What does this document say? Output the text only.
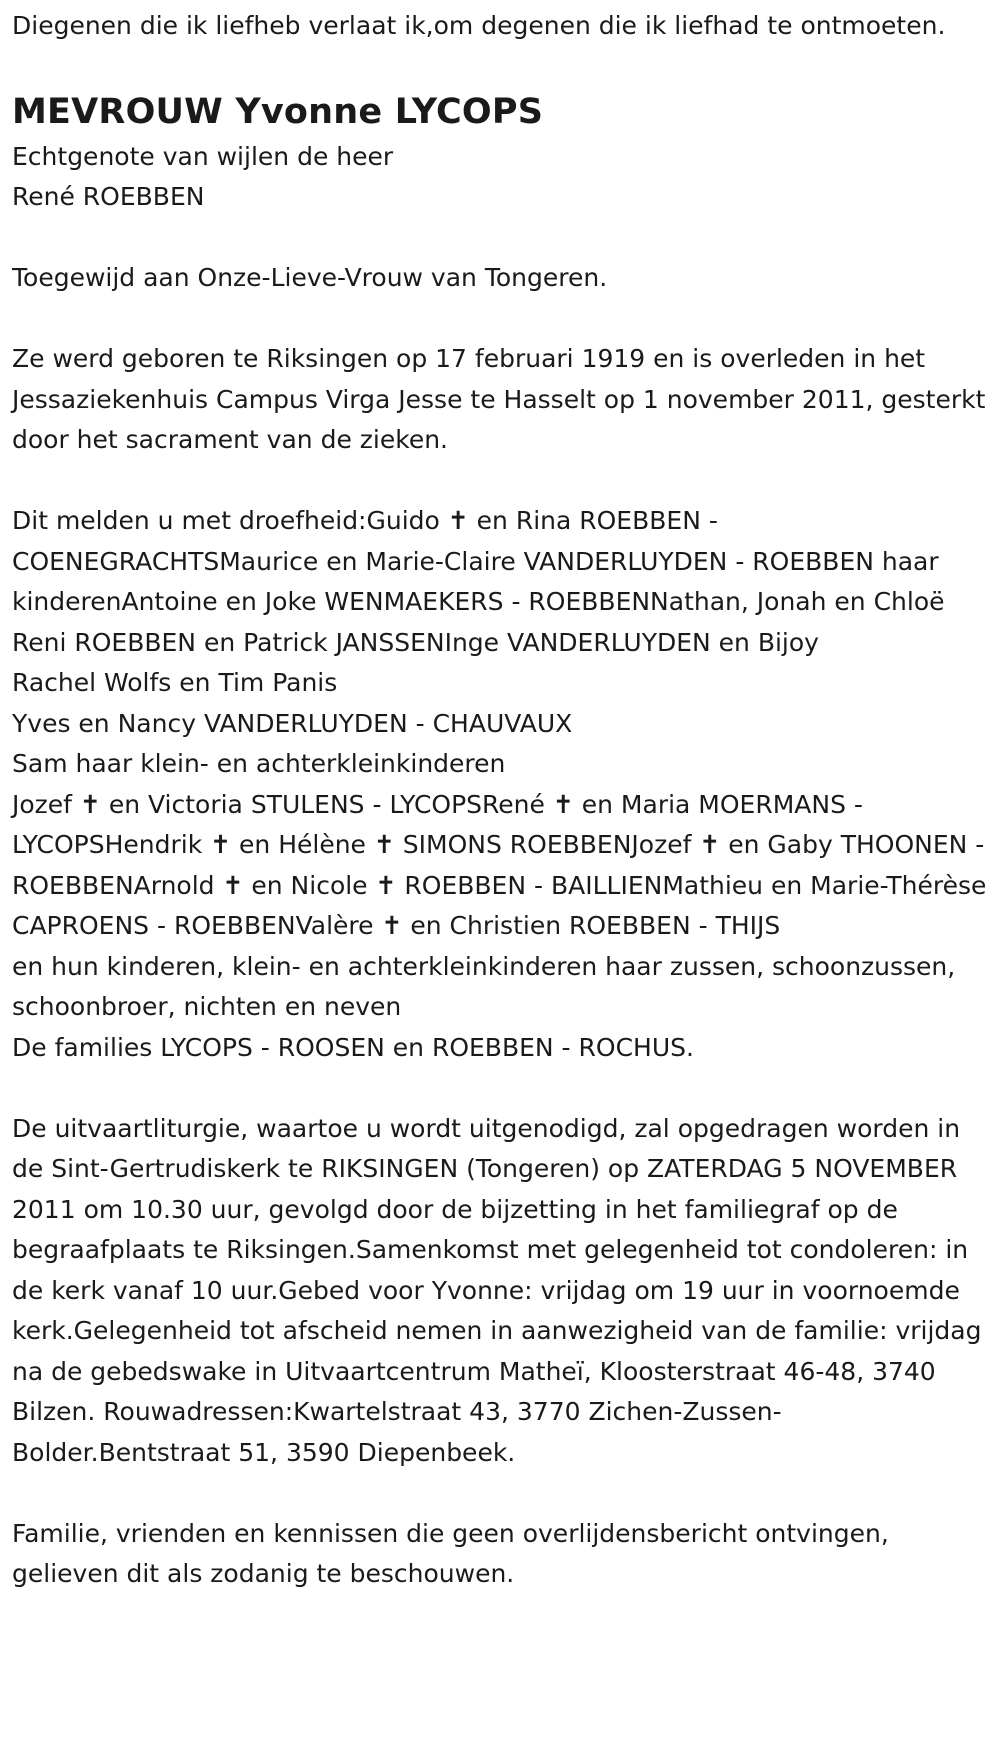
Diegenen die ik liefheb verlaat ik,om degenen die ik liefhad te ontmoeten.

MEVROUW Yvonne LYCOPS

Echtgenote van wijlen de heer

René ROEBBEN

Toegewijd aan Onze-Lieve-Vrouw van Tongeren.

Ze werd geboren te Riksingen op 17 februari 1919 en is overleden in het Jessaziekenhuis Campus Virga Jesse te Hasselt op 1 november 2011, gesterkt door het sacrament van de zieken.

Dit melden u met droefheid:Guido ✝ en Rina ROEBBEN - COENEGRACHTSMaurice en Marie-Claire VANDERLUYDEN - ROEBBEN haar kinderenAntoine en Joke WENMAEKERS - ROEBBENNathan, Jonah en Chloë

Reni ROEBBEN en Patrick JANSSENInge VANDERLUYDEN en Bijoy

Rachel Wolfs en Tim Panis

Yves en Nancy VANDERLUYDEN - CHAUVAUX

Sam haar klein- en achterkleinkinderen

Jozef ✝ en Victoria STULENS - LYCOPSRené ✝ en Maria MOERMANS - LYCOPSHendrik ✝ en Hélène ✝ SIMONS ROEBBENJozef ✝ en Gaby THOONEN - ROEBBENArnold ✝ en Nicole ✝ ROEBBEN - BAILLIENMathieu en Marie-Thérèse CAPROENS - ROEBBENValère ✝ en Christien ROEBBEN - THIJS

en hun kinderen, klein- en achterkleinkinderen haar zussen, schoonzussen, schoonbroer, nichten en neven

De families LYCOPS - ROOSEN en ROEBBEN - ROCHUS.

De uitvaartliturgie, waartoe u wordt uitgenodigd, zal opgedragen worden in de Sint-Gertrudiskerk te RIKSINGEN (Tongeren) op ZATERDAG 5 NOVEMBER 2011 om 10.30 uur, gevolgd door de bijzetting in het familiegraf op de begraafplaats te Riksingen.Samenkomst met gelegenheid tot condoleren: in de kerk vanaf 10 uur.Gebed voor Yvonne: vrijdag om 19 uur in voornoemde kerk.Gelegenheid tot afscheid nemen in aanwezigheid van de familie: vrijdag na de gebedswake in Uitvaartcentrum Matheï, Kloosterstraat 46-48, 3740 Bilzen. Rouwadressen:Kwartelstraat 43, 3770 Zichen-Zussen-Bolder.Bentstraat 51, 3590 Diepenbeek.

Familie, vrienden en kennissen die geen overlijdensbericht ontvingen, gelieven dit als zodanig te beschouwen.
